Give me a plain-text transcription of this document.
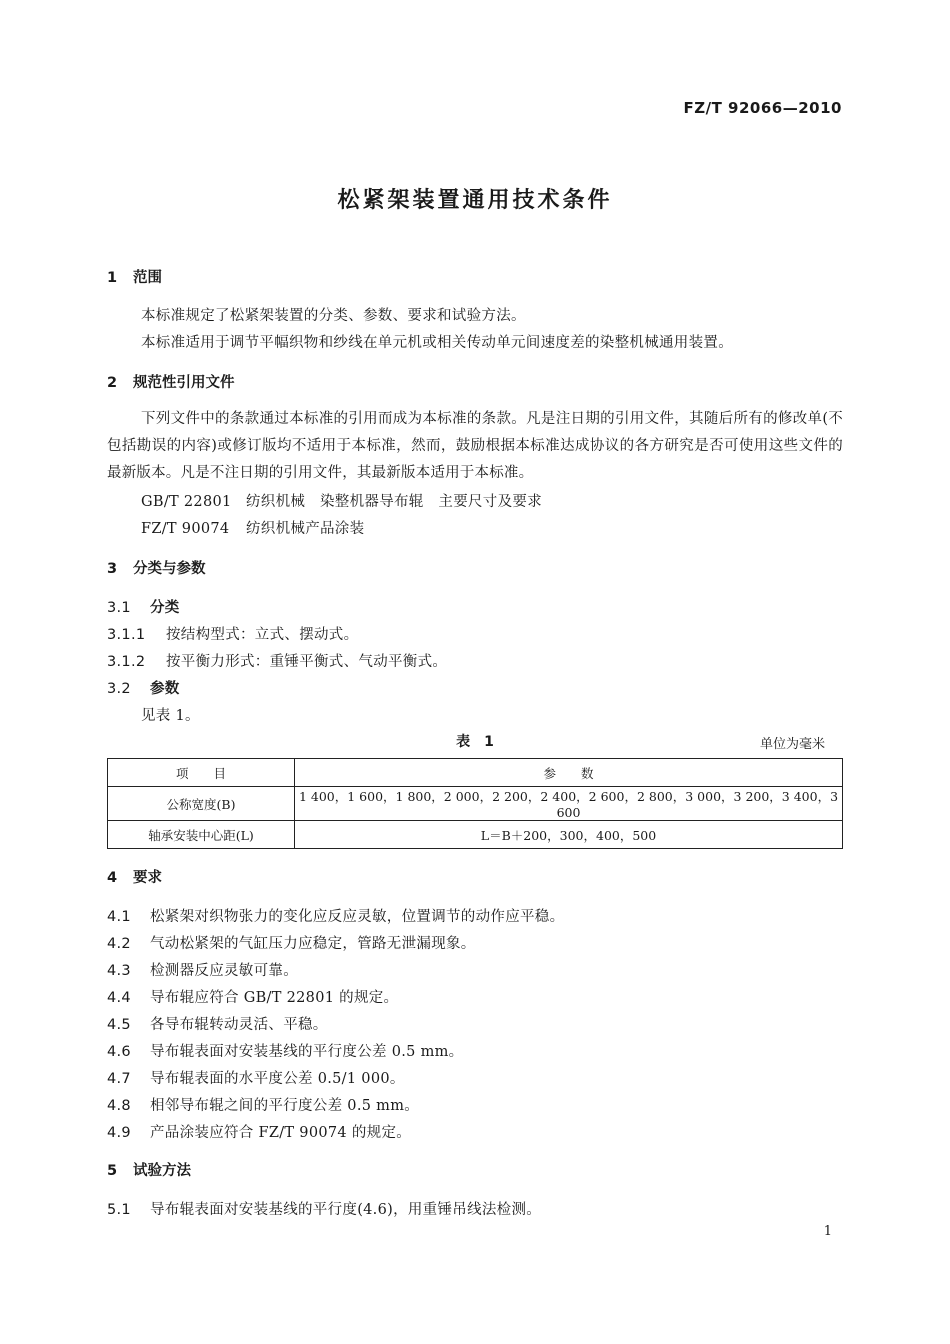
FZ/T 92066—2010
松紧架装置通用技术条件
1 范围
本标准规定了松紧架装置的分类、参数、要求和试验方法。
本标准适用于调节平幅织物和纱线在单元机或相关传动单元间速度差的染整机械通用装置。
2 规范性引用文件
下列文件中的条款通过本标准的引用而成为本标准的条款。凡是注日期的引用文件，其随后所有的修改单(不包括勘误的内容)或修订版均不适用于本标准，然而，鼓励根据本标准达成协议的各方研究是否可使用这些文件的最新版本。凡是不注日期的引用文件，其最新版本适用于本标准。
GB/T 22801 纺织机械　染整机器导布辊　主要尺寸及要求
FZ/T 90074 纺织机械产品涂装
3 分类与参数
3.1 分类
3.1.1 按结构型式：立式、摆动式。
3.1.2 按平衡力形式：重锤平衡式、气动平衡式。
3.2 参数
见表 1。
表　1	单位为毫米
项　　目	参　　数
公称宽度(B)	1 400，1 600，1 800，2 000，2 200，2 400，2 600，2 800，3 000，3 200，3 400，3 600
轴承安装中心距(L)	L＝B＋200，300，400，500
4 要求
4.1 松紧架对织物张力的变化应反应灵敏，位置调节的动作应平稳。
4.2 气动松紧架的气缸压力应稳定，管路无泄漏现象。
4.3 检测器反应灵敏可靠。
4.4 导布辊应符合 GB/T 22801 的规定。
4.5 各导布辊转动灵活、平稳。
4.6 导布辊表面对安装基线的平行度公差 0.5 mm。
4.7 导布辊表面的水平度公差 0.5/1 000。
4.8 相邻导布辊之间的平行度公差 0.5 mm。
4.9 产品涂装应符合 FZ/T 90074 的规定。
5 试验方法
5.1 导布辊表面对安装基线的平行度(4.6)，用重锤吊线法检测。
1
